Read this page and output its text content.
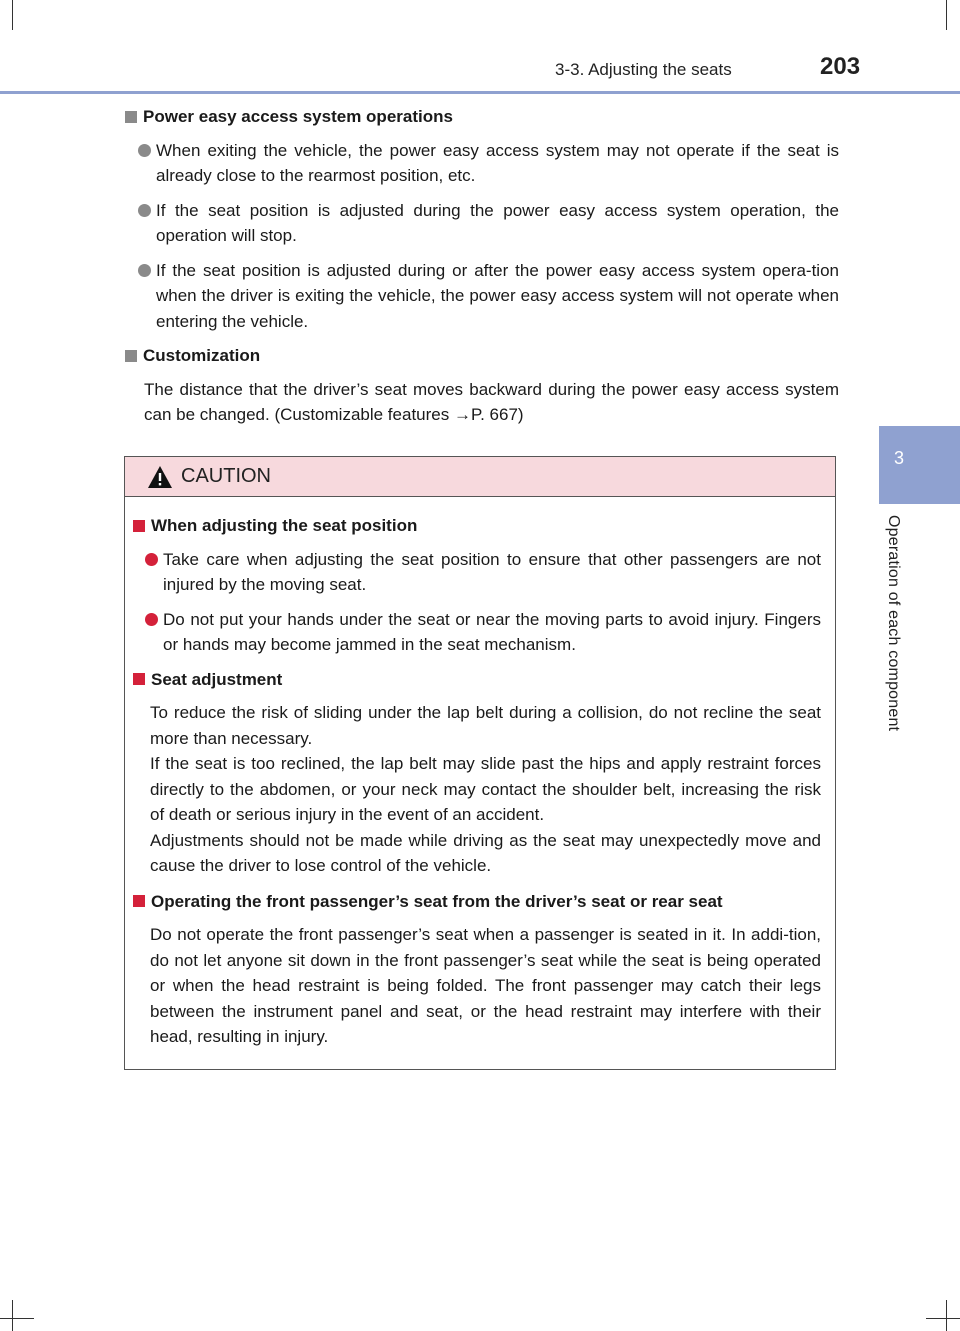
3-3. Adjusting the seats	203
3
Operation of each component
Power easy access system operations
When exiting the vehicle, the power easy access system may not operate if the seat is already close to the rearmost position, etc.
If the seat position is adjusted during the power easy access system operation, the operation will stop.
If the seat position is adjusted during or after the power easy access system opera-tion when the driver is exiting the vehicle, the power easy access system will not operate when entering the vehicle.
Customization
The distance that the driver’s seat moves backward during the power easy access system can be changed. (Customizable features →P. 667)
CAUTION
When adjusting the seat position
Take care when adjusting the seat position to ensure that other passengers are not injured by the moving seat.
Do not put your hands under the seat or near the moving parts to avoid injury. Fingers or hands may become jammed in the seat mechanism.
Seat adjustment
To reduce the risk of sliding under the lap belt during a collision, do not recline the seat more than necessary.
If the seat is too reclined, the lap belt may slide past the hips and apply restraint forces directly to the abdomen, or your neck may contact the shoulder belt, increasing the risk of death or serious injury in the event of an accident.
Adjustments should not be made while driving as the seat may unexpectedly move and cause the driver to lose control of the vehicle.
Operating the front passenger’s seat from the driver’s seat or rear seat
Do not operate the front passenger’s seat when a passenger is seated in it. In addi-tion, do not let anyone sit down in the front passenger’s seat while the seat is being operated or when the head restraint is being folded. The front passenger may catch their legs between the instrument panel and seat, or the head restraint may interfere with their head, resulting in injury.
